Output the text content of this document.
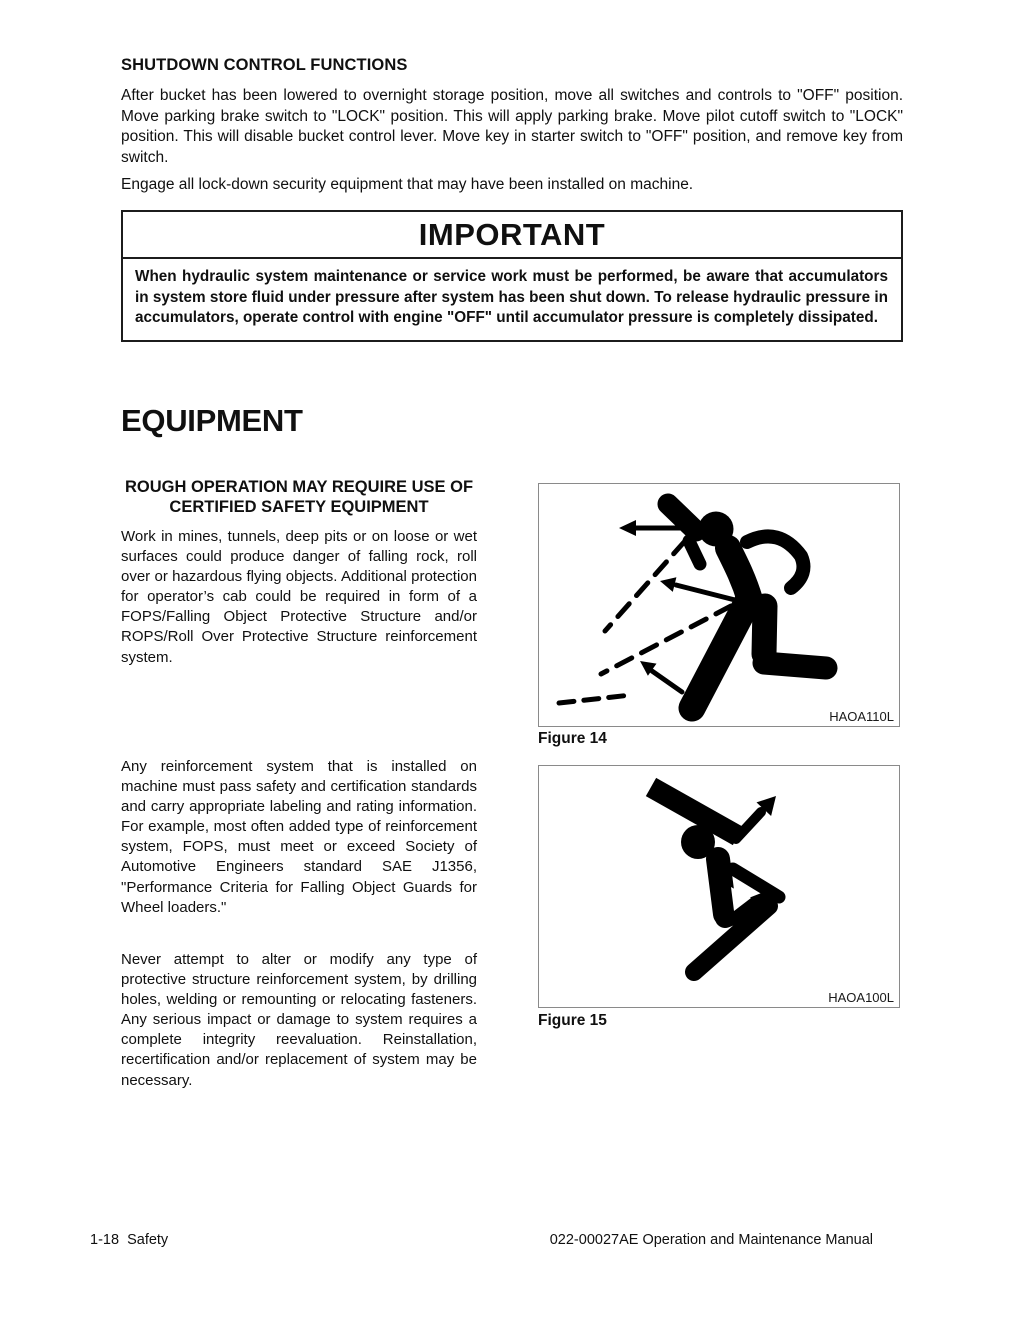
SHUTDOWN CONTROL FUNCTIONS
After bucket has been lowered to overnight storage position, move all switches and controls to "OFF" position. Move parking brake switch to "LOCK" position. This will apply parking brake. Move pilot cutoff switch to "LOCK" position. This will disable bucket control lever. Move key in starter switch to "OFF" position, and remove key from switch.
Engage all lock-down security equipment that may have been installed on machine.
IMPORTANT
When hydraulic system maintenance or service work must be performed, be aware that accumulators in system store fluid under pressure after system has been shut down. To release hydraulic pressure in accumulators, operate control with engine "OFF" until accumulator pressure is completely dissipated.
EQUIPMENT
ROUGH OPERATION MAY REQUIRE USE OF
CERTIFIED SAFETY EQUIPMENT
Work in mines, tunnels, deep pits or on loose or wet surfaces could produce danger of falling rock, roll over or hazardous flying objects. Additional protection for operator’s cab could be required in form of a FOPS/Falling Object Protective Structure and/or ROPS/Roll Over Protective Structure reinforcement system.
Any reinforcement system that is installed on machine must pass safety and certification standards and carry appropriate labeling and rating information. For example, most often added type of reinforcement system, FOPS, must meet or exceed Society of Automotive Engineers standard SAE J1356, "Performance Criteria for Falling Object Guards for Wheel loaders."
Never attempt to alter or modify any type of protective structure reinforcement system, by drilling holes, welding or remounting or relocating fasteners. Any serious impact or damage to system requires a complete integrity reevaluation. Reinstallation, recertification and/or replacement of system may be necessary.
HAOA110L
Figure 14
HAOA100L
Figure 15
1-18  Safety	022-00027AE Operation and Maintenance Manual
